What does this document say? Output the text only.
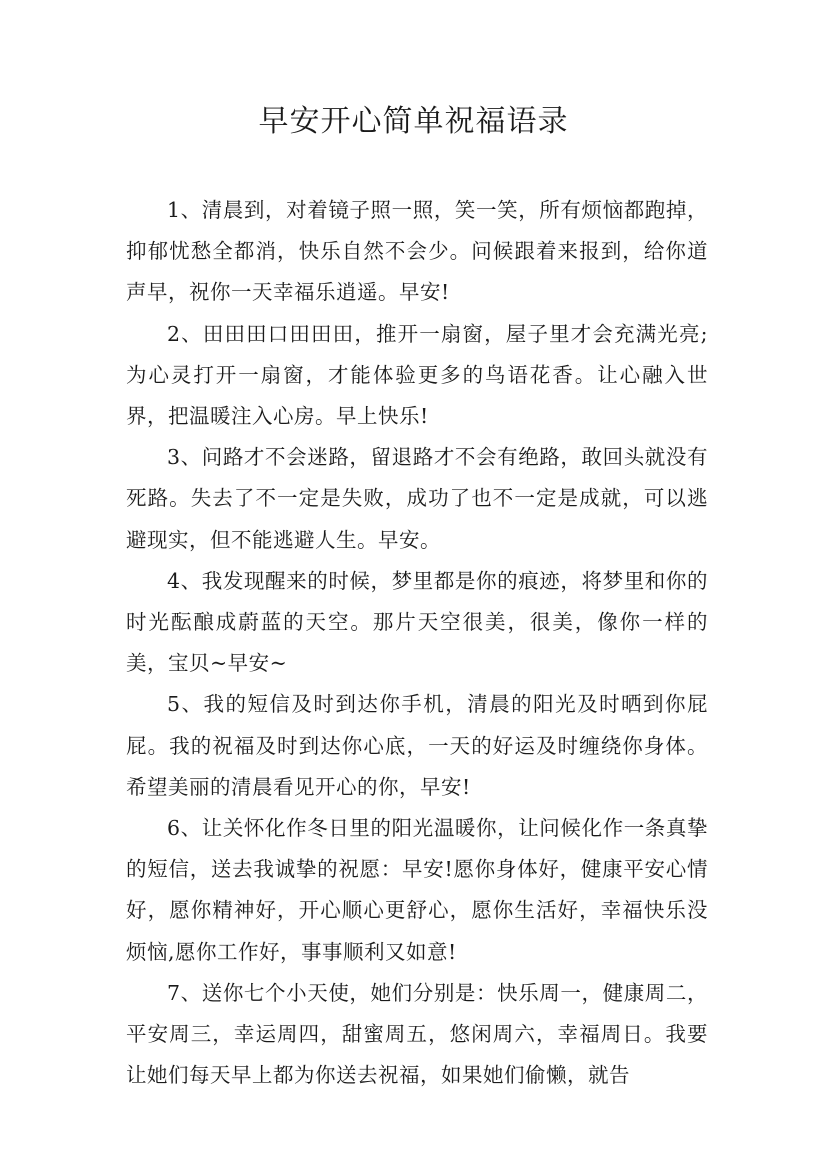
早安开心简单祝福语录

1、清晨到，对着镜子照一照，笑一笑，所有烦恼都跑掉，抑郁忧愁全都消，快乐自然不会少。问候跟着来报到，给你道声早，祝你一天幸福乐逍遥。早安!

2、田田田口田田田，推开一扇窗，屋子里才会充满光亮;为心灵打开一扇窗，才能体验更多的鸟语花香。让心融入世界，把温暖注入心房。早上快乐!

3、问路才不会迷路，留退路才不会有绝路，敢回头就没有死路。失去了不一定是失败，成功了也不一定是成就，可以逃避现实，但不能逃避人生。早安。

4、我发现醒来的时候，梦里都是你的痕迹，将梦里和你的时光酝酿成蔚蓝的天空。那片天空很美，很美，像你一样的美，宝贝~早安~

5、我的短信及时到达你手机，清晨的阳光及时晒到你屁屁。我的祝福及时到达你心底，一天的好运及时缠绕你身体。希望美丽的清晨看见开心的你，早安!

6、让关怀化作冬日里的阳光温暖你，让问候化作一条真挚的短信，送去我诚挚的祝愿：早安!愿你身体好，健康平安心情好，愿你精神好，开心顺心更舒心，愿你生活好，幸福快乐没烦恼,愿你工作好，事事顺利又如意!

7、送你七个小天使，她们分别是：快乐周一，健康周二，平安周三，幸运周四，甜蜜周五，悠闲周六，幸福周日。我要让她们每天早上都为你送去祝福，如果她们偷懒，就告
